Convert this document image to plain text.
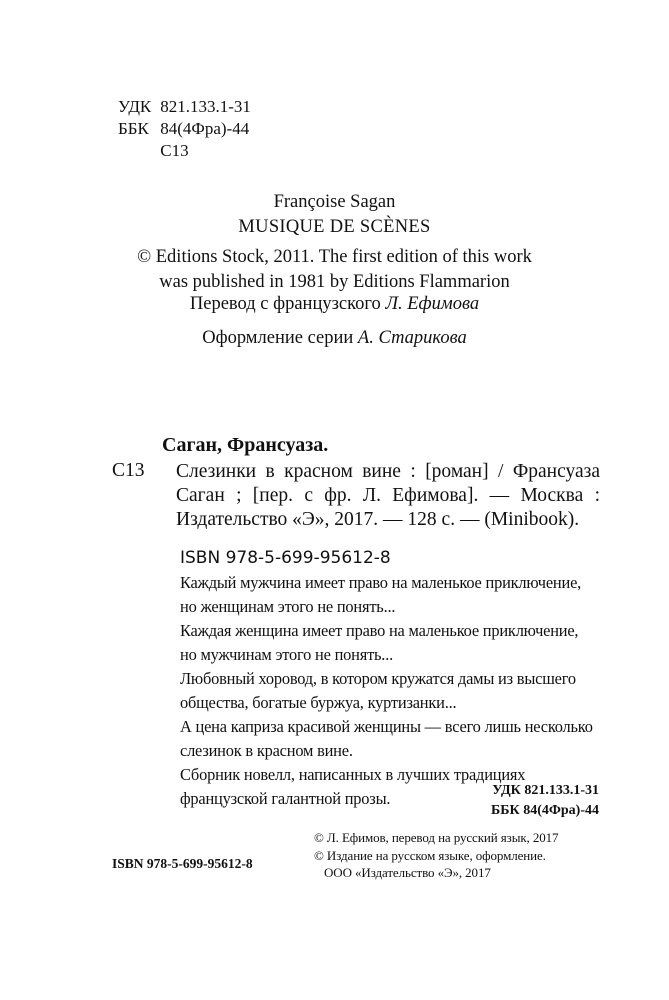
УДК 821.133.1-31
ББК 84(4Фра)-44
С13
Françoise Sagan
MUSIQUE DE SCÈNES
© Editions Stock, 2011. The first edition of this work
was published in 1981 by Editions Flammarion
Перевод с французского Л. Ефимова
Оформление серии А. Старикова
Саган, Франсуаза.
С13 Слезинки в красном вине : [роман] / Франсуаза Саган ; [пер. с фр. Л. Ефимова]. — Москва : Издательство «Э», 2017. — 128 с. — (Minibook).
ISBN 978-5-699-95612-8

Каждый мужчина имеет право на маленькое приключение, но женщинам этого не понять...

Каждая женщина имеет право на маленькое приключение, но мужчинам этого не понять...

Любовный хоровод, в котором кружатся дамы из высшего общества, богатые буржуа, куртизанки...

А цена каприза красивой женщины — всего лишь несколько слезинок в красном вине.

Сборник новелл, написанных в лучших традициях французской галантной прозы.	УДК 821.133.1-31
ББК 84(4Фра)-44
© Л. Ефимов, перевод на русский язык, 2017
© Издание на русском языке, оформление.
ООО «Издательство «Э», 2017
ISBN 978-5-699-95612-8
